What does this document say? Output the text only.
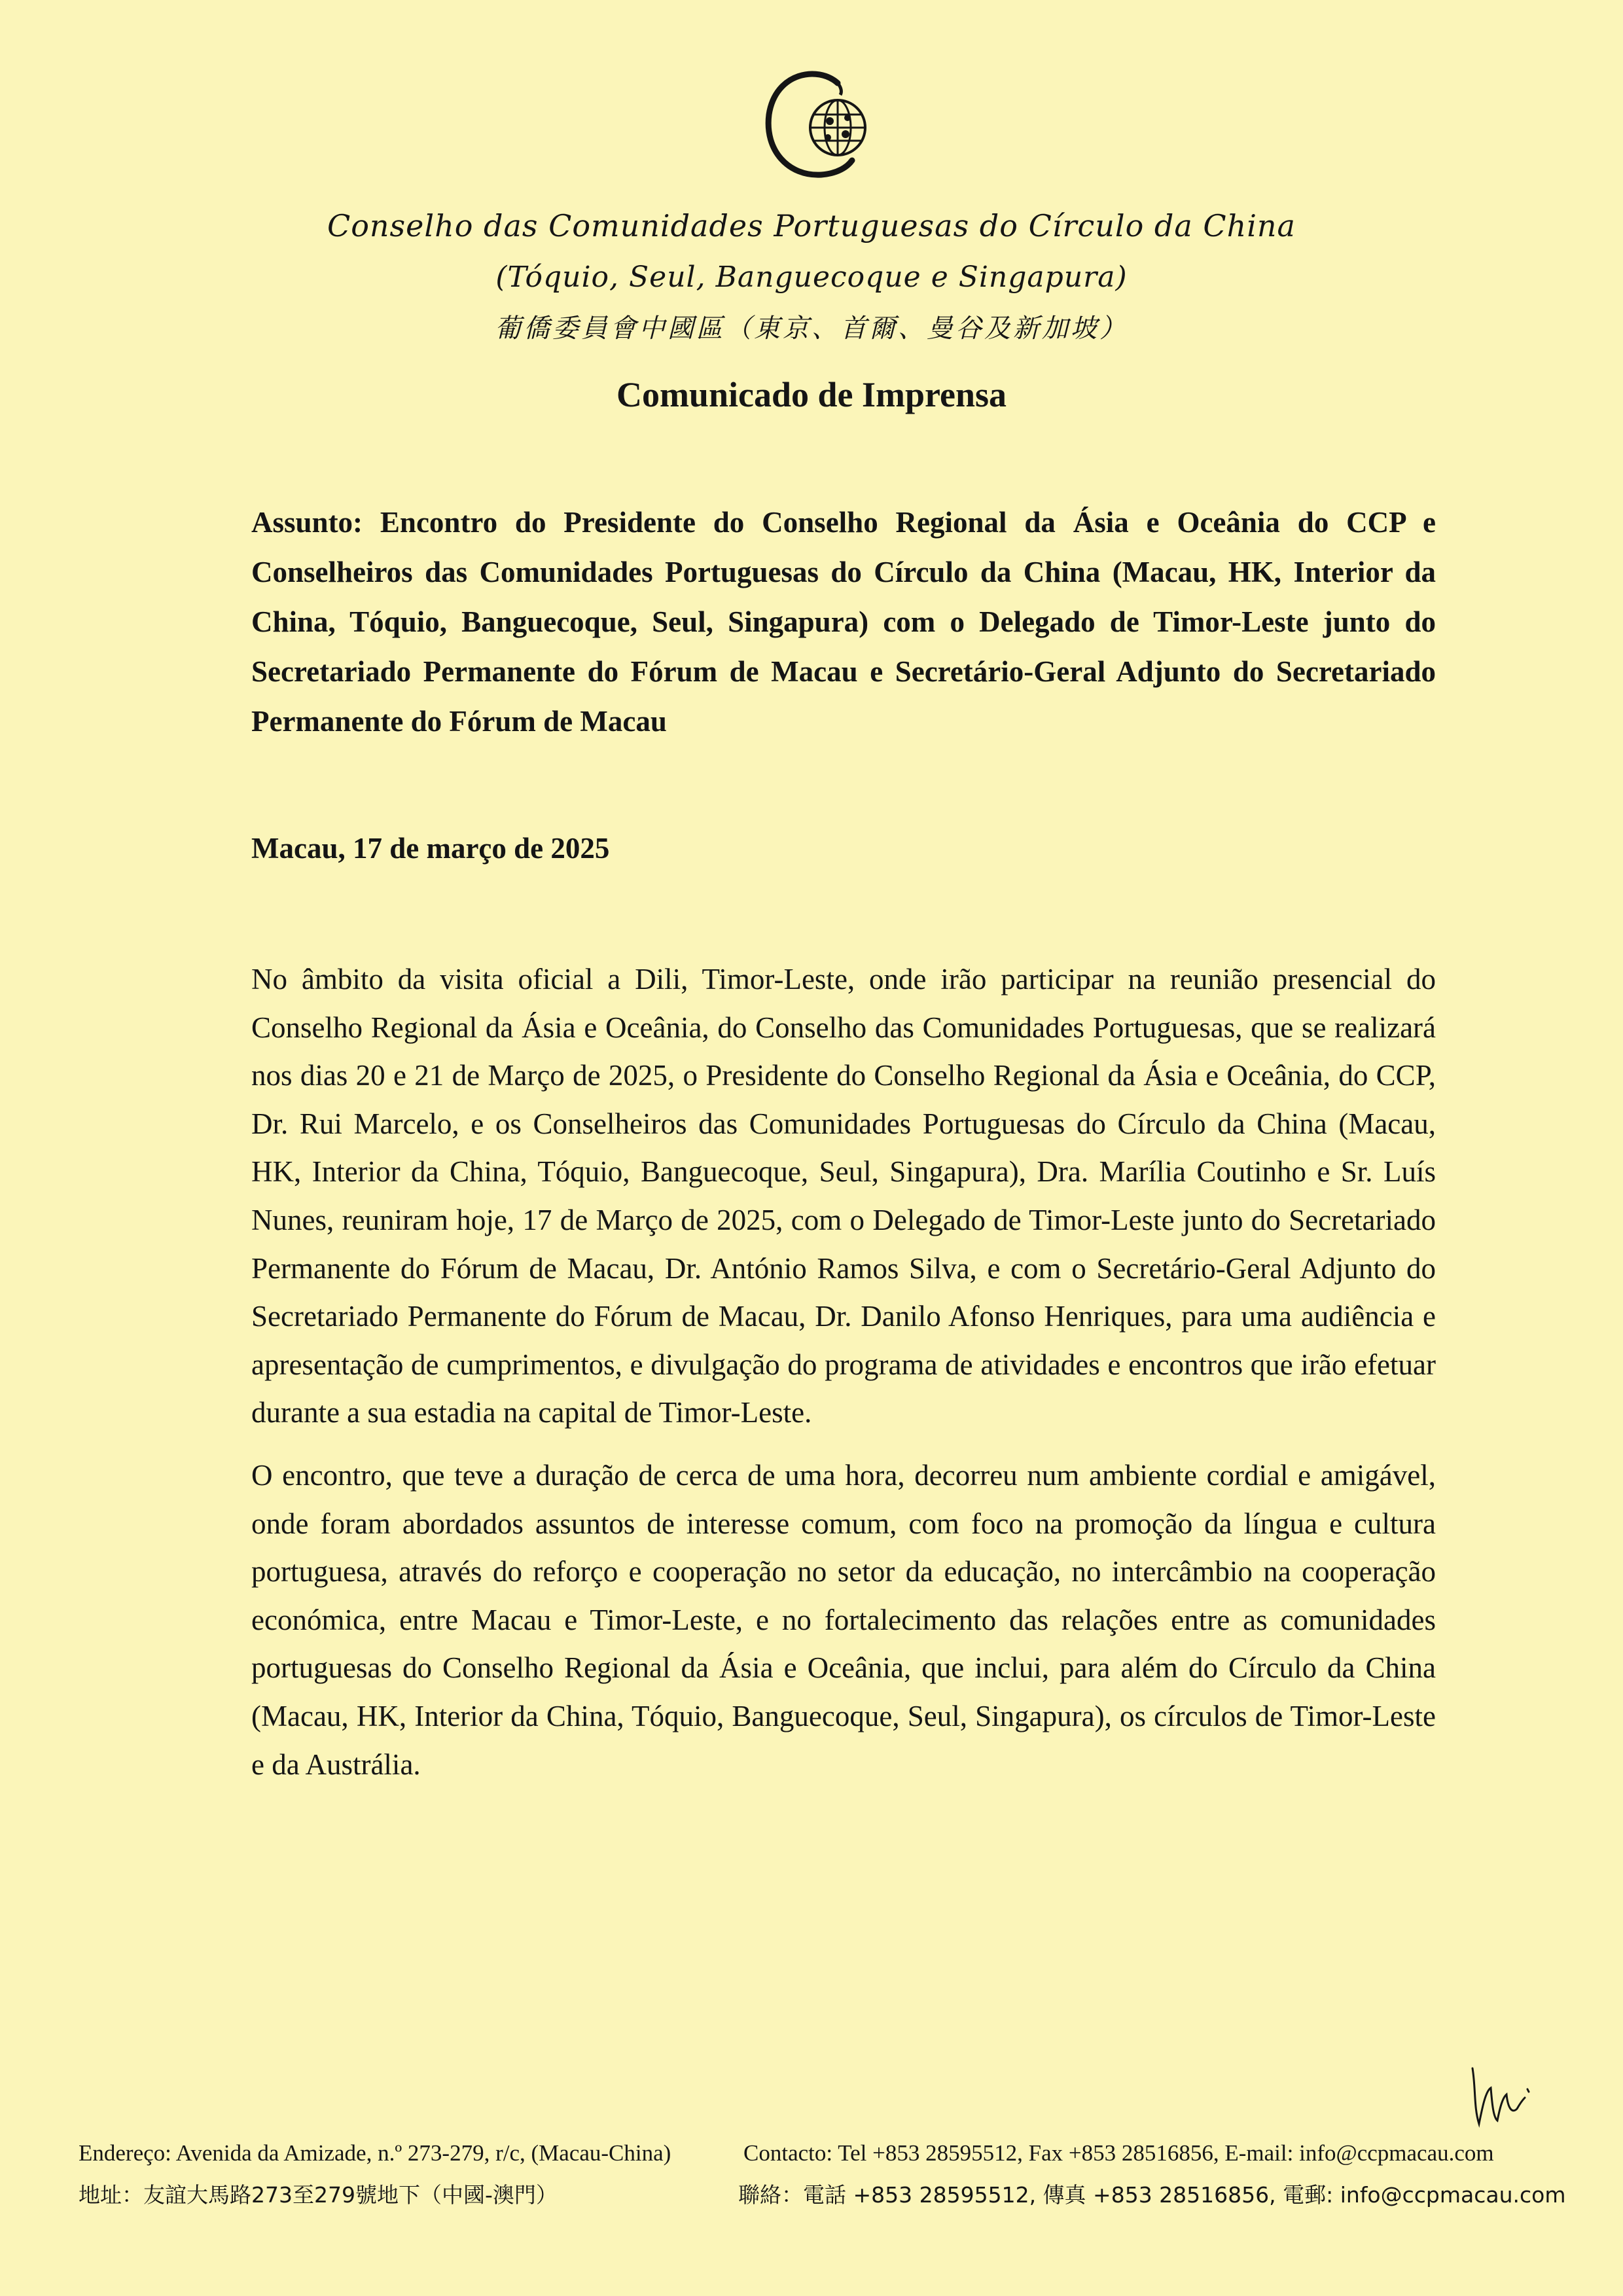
Conselho das Comunidades Portuguesas do Círculo da China
(Tóquio, Seul, Banguecoque e Singapura)
葡僑委員會中國區（東京、首爾、曼谷及新加坡）
Comunicado de Imprensa

Assunto: Encontro do Presidente do Conselho Regional da Ásia e Oceânia do CCP e Conselheiros das Comunidades Portuguesas do Círculo da China (Macau, HK, Interior da China, Tóquio, Banguecoque, Seul, Singapura) com o Delegado de Timor-Leste junto do Secretariado Permanente do Fórum de Macau e Secretário-Geral Adjunto do Secretariado Permanente do Fórum de Macau

Macau, 17 de março de 2025

No âmbito da visita oficial a Dili, Timor-Leste, onde irão participar na reunião presencial do Conselho Regional da Ásia e Oceânia, do Conselho das Comunidades Portuguesas, que se realizará nos dias 20 e 21 de Março de 2025, o Presidente do Conselho Regional da Ásia e Oceânia, do CCP, Dr. Rui Marcelo, e os Conselheiros das Comunidades Portuguesas do Círculo da China (Macau, HK, Interior da China, Tóquio, Banguecoque, Seul, Singapura), Dra. Marília Coutinho e Sr. Luís Nunes, reuniram hoje, 17 de Março de 2025, com o Delegado de Timor-Leste junto do Secretariado Permanente do Fórum de Macau, Dr. António Ramos Silva, e com o Secretário-Geral Adjunto do Secretariado Permanente do Fórum de Macau, Dr. Danilo Afonso Henriques, para uma audiência e apresentação de cumprimentos, e divulgação do programa de atividades e encontros que irão efetuar durante a sua estadia na capital de Timor-Leste.

O encontro, que teve a duração de cerca de uma hora, decorreu num ambiente cordial e amigável, onde foram abordados assuntos de interesse comum, com foco na promoção da língua e cultura portuguesa, através do reforço e cooperação no setor da educação, no intercâmbio na cooperação económica, entre Macau e Timor-Leste, e no fortalecimento das relações entre as comunidades portuguesas do Conselho Regional da Ásia e Oceânia, que inclui, para além do Círculo da China (Macau, HK, Interior da China, Tóquio, Banguecoque, Seul, Singapura), os círculos de Timor-Leste e da Austrália.

Endereço: Avenida da Amizade, n.º 273-279, r/c, (Macau-China)	Contacto: Tel +853 28595512, Fax +853 28516856, E-mail: info@ccpmacau.com
地址：友誼大馬路273至279號地下（中國-澳門）	聯絡：電話 +853 28595512, 傳真 +853 28516856, 電郵: info@ccpmacau.com
